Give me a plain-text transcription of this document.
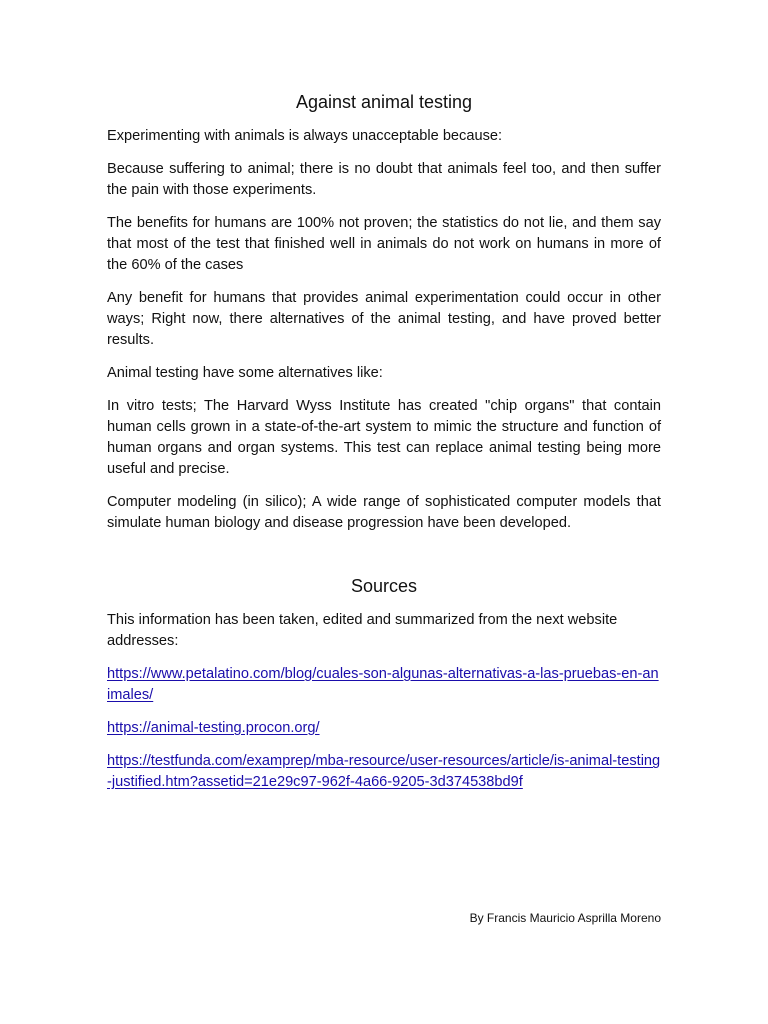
Against animal testing

Experimenting with animals is always unacceptable because:

Because suffering to animal; there is no doubt that animals feel too, and then suffer the pain with those experiments.

The benefits for humans are 100% not proven; the statistics do not lie, and them say that most of the test that finished well in animals do not work on humans in more of the 60% of the cases

Any benefit for humans that provides animal experimentation could occur in other ways; Right now, there alternatives of the animal testing, and have proved better results.

Animal testing have some alternatives like:

In vitro tests; The Harvard Wyss Institute has created "chip organs" that contain human cells grown in a state-of-the-art system to mimic the structure and function of human organs and organ systems. This test can replace animal testing being more useful and precise.

Computer modeling (in silico); A wide range of sophisticated computer models that simulate human biology and disease progression have been developed.

Sources

This information has been taken, edited and summarized from the next website addresses:

https://www.petalatino.com/blog/cuales-son-algunas-alternativas-a-las-pruebas-en-animales/
https://animal-testing.procon.org/
https://testfunda.com/examprep/mba-resource/user-resources/article/is-animal-testing-justified.htm?assetid=21e29c97-962f-4a66-9205-3d374538bd9f
By Francis Mauricio Asprilla Moreno
